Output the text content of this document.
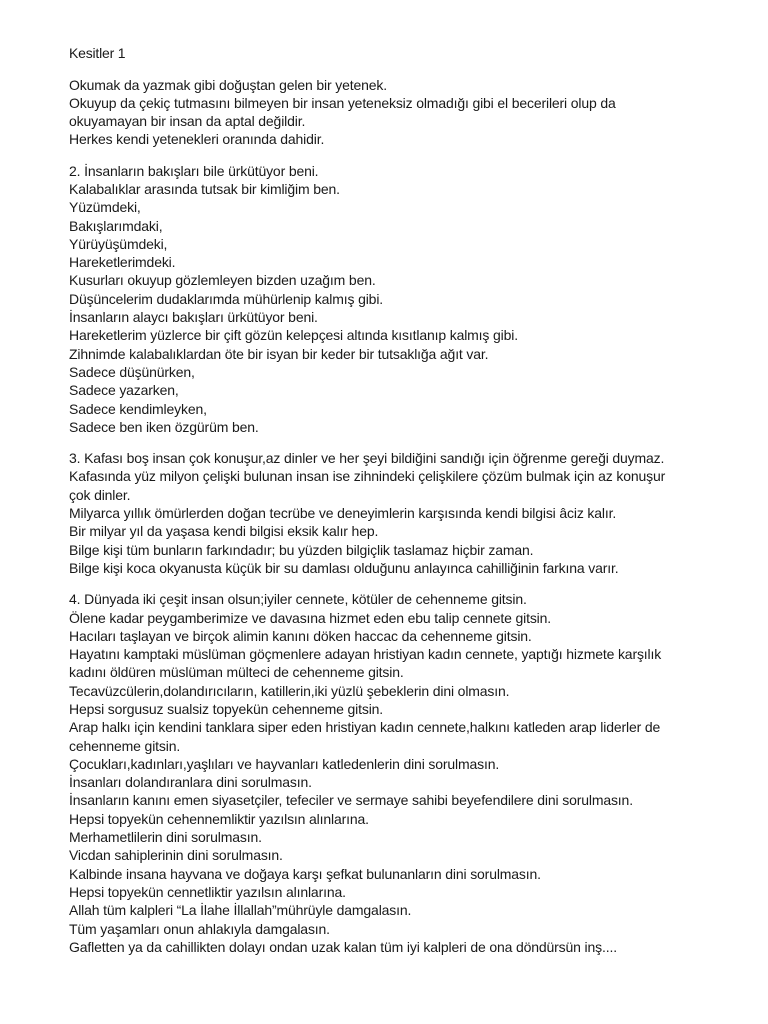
Kesitler 1
Okumak da yazmak gibi doğuştan gelen bir yetenek.
Okuyup da çekiç tutmasını bilmeyen bir insan yeteneksiz olmadığı gibi el becerileri olup da
okuyamayan bir insan da aptal değildir.
Herkes kendi yetenekleri oranında dahidir.
2. İnsanların bakışları bile ürkütüyor beni.
Kalabalıklar arasında tutsak bir kimliğim ben.
Yüzümdeki,
Bakışlarımdaki,
Yürüyüşümdeki,
Hareketlerimdeki.
Kusurları okuyup gözlemleyen bizden uzağım ben.
Düşüncelerim dudaklarımda mühürlenip kalmış gibi.
İnsanların alaycı bakışları ürkütüyor beni.
Hareketlerim yüzlerce bir çift gözün kelepçesi altında kısıtlanıp kalmış gibi.
Zihnimde kalabalıklardan öte bir isyan bir keder bir tutsaklığa ağıt var.
Sadece düşünürken,
Sadece yazarken,
Sadece kendimleyken,
Sadece ben iken özgürüm ben.
3. Kafası boş insan çok konuşur,az dinler ve her şeyi bildiğini sandığı için öğrenme gereği duymaz.
Kafasında yüz milyon çelişki bulunan insan ise zihnindeki çelişkilere çözüm bulmak için az konuşur
çok dinler.
Milyarca yıllık ömürlerden doğan tecrübe ve deneyimlerin karşısında kendi bilgisi âciz kalır.
Bir milyar yıl da yaşasa kendi bilgisi eksik kalır hep.
Bilge kişi tüm bunların farkındadır; bu yüzden bilgiçlik taslamaz hiçbir zaman.
Bilge kişi koca okyanusta küçük bir su damlası olduğunu anlayınca cahilliğinin farkına varır.
4. Dünyada iki çeşit insan olsun;iyiler cennete, kötüler de cehenneme gitsin.
Ölene kadar peygamberimize ve davasına hizmet eden ebu talip cennete gitsin.
Hacıları taşlayan ve birçok alimin kanını döken haccac da cehenneme gitsin.
Hayatını kamptaki müslüman göçmenlere adayan hristiyan kadın cennete, yaptığı hizmete karşılık
kadını öldüren müslüman mülteci de cehenneme gitsin.
Tecavüzcülerin,dolandırıcıların, katillerin,iki yüzlü şebeklerin dini olmasın.
Hepsi sorgusuz sualsiz topyekün cehenneme gitsin.
Arap halkı için kendini tanklara siper eden hristiyan kadın cennete,halkını katleden arap liderler de
cehenneme gitsin.
Çocukları,kadınları,yaşlıları ve hayvanları katledenlerin dini sorulmasın.
İnsanları dolandıranlara dini sorulmasın.
İnsanların kanını emen siyasetçiler, tefeciler ve sermaye sahibi beyefendilere dini sorulmasın.
Hepsi topyekün cehennemliktir yazılsın alınlarına.
Merhametlilerin dini sorulmasın.
Vicdan sahiplerinin dini sorulmasın.
Kalbinde insana hayvana ve doğaya karşı şefkat bulunanların dini sorulmasın.
Hepsi topyekün cennetliktir yazılsın alınlarına.
Allah tüm kalpleri “La İlahe İllallah”mührüyle damgalasın.
Tüm yaşamları onun ahlakıyla damgalasın.
Gafletten ya da cahillikten dolayı ondan uzak kalan tüm iyi kalpleri de ona döndürsün inş....
